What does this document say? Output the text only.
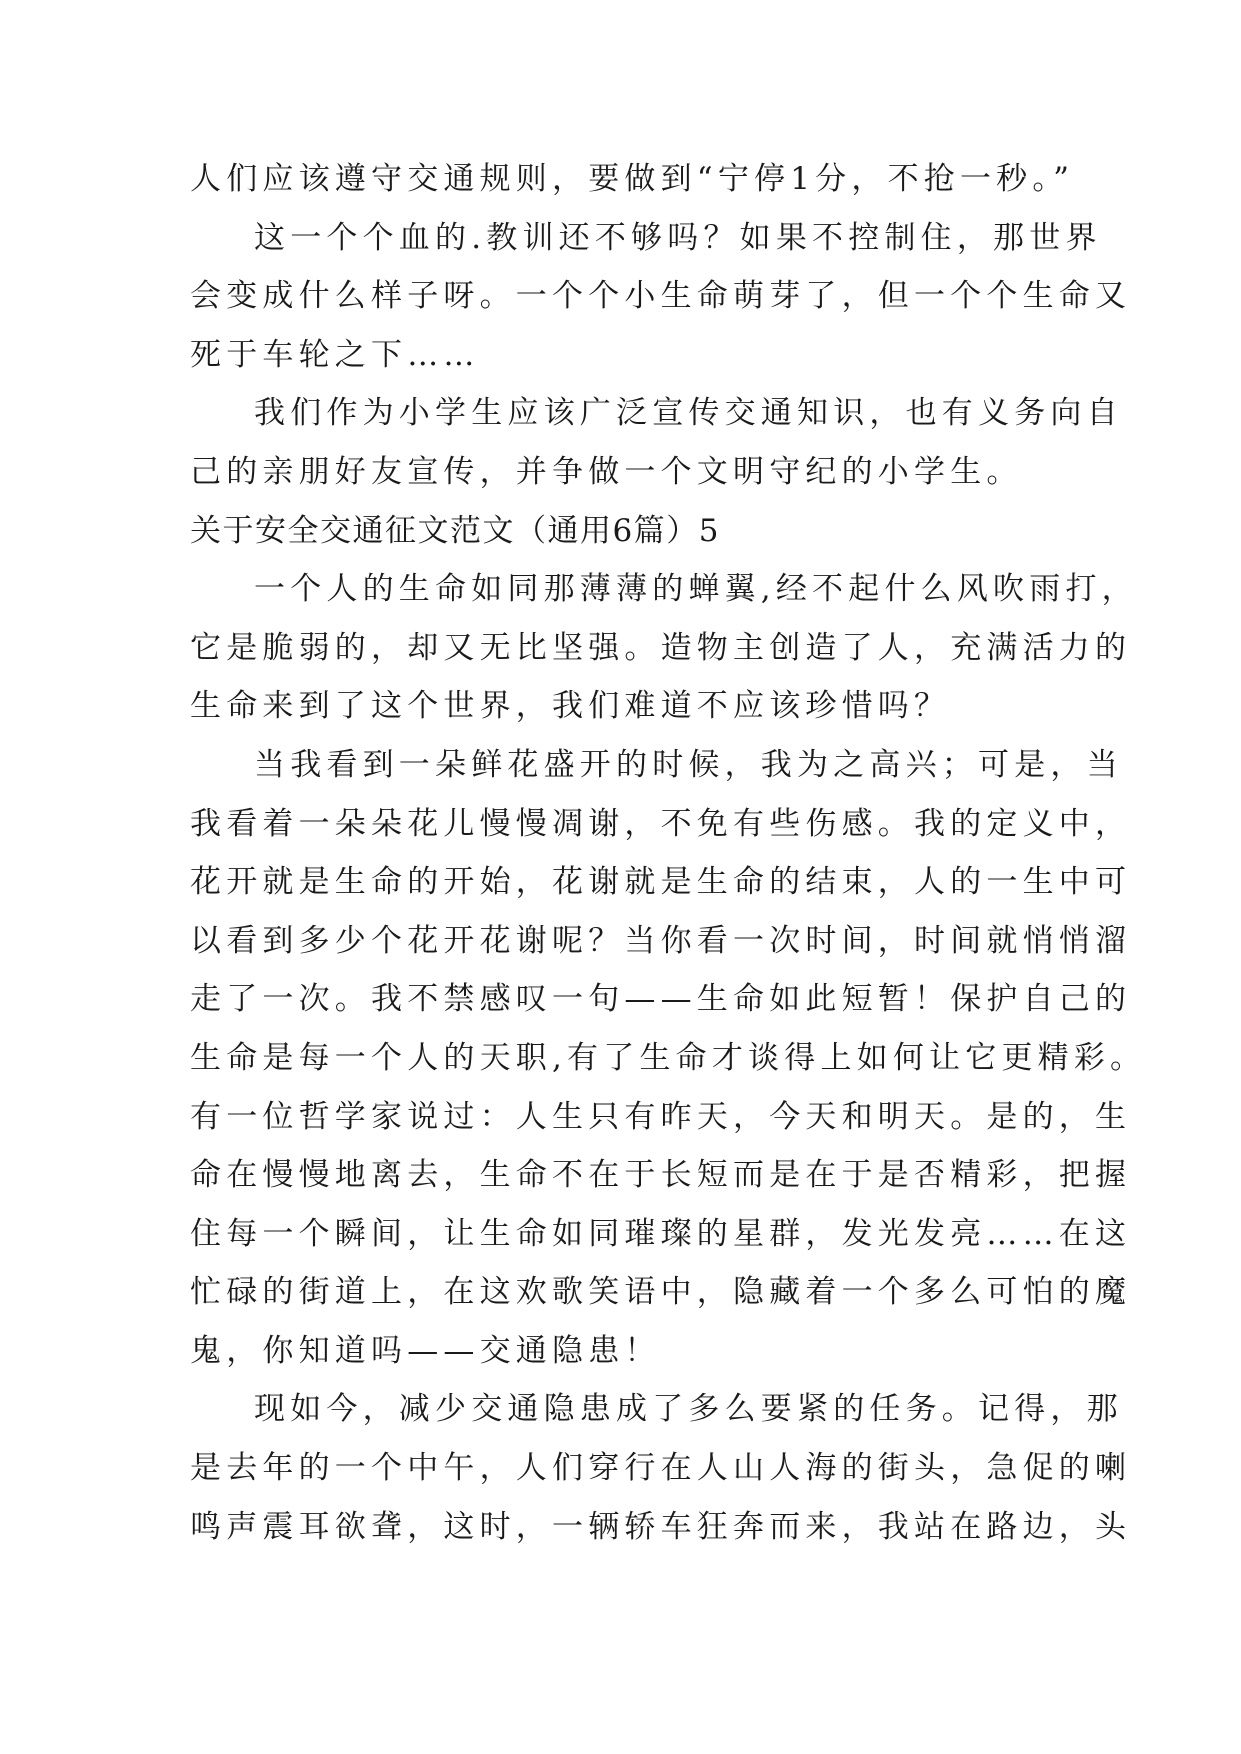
人们应该遵守交通规则，要做到“宁停1分，不抢一秒。”
这一个个血的.教训还不够吗？如果不控制住，那世界
会变成什么样子呀。一个个小生命萌芽了，但一个个生命又
死于车轮之下……
我们作为小学生应该广泛宣传交通知识，也有义务向自
己的亲朋好友宣传，并争做一个文明守纪的小学生。
关于安全交通征文范文（通用6篇）5
一个人的生命如同那薄薄的蝉翼,经不起什么风吹雨打，
它是脆弱的，却又无比坚强。造物主创造了人，充满活力的
生命来到了这个世界，我们难道不应该珍惜吗？
当我看到一朵鲜花盛开的时候，我为之高兴；可是，当
我看着一朵朵花儿慢慢凋谢，不免有些伤感。我的定义中，
花开就是生命的开始，花谢就是生命的结束，人的一生中可
以看到多少个花开花谢呢？当你看一次时间，时间就悄悄溜
走了一次。我不禁感叹一句——生命如此短暂！保护自己的
生命是每一个人的天职,有了生命才谈得上如何让它更精彩。
有一位哲学家说过：人生只有昨天，今天和明天。是的，生
命在慢慢地离去，生命不在于长短而是在于是否精彩，把握
住每一个瞬间，让生命如同璀璨的星群，发光发亮……在这
忙碌的街道上，在这欢歌笑语中，隐藏着一个多么可怕的魔
鬼，你知道吗——交通隐患！
现如今，减少交通隐患成了多么要紧的任务。记得，那
是去年的一个中午，人们穿行在人山人海的街头，急促的喇
鸣声震耳欲聋，这时，一辆轿车狂奔而来，我站在路边，头
